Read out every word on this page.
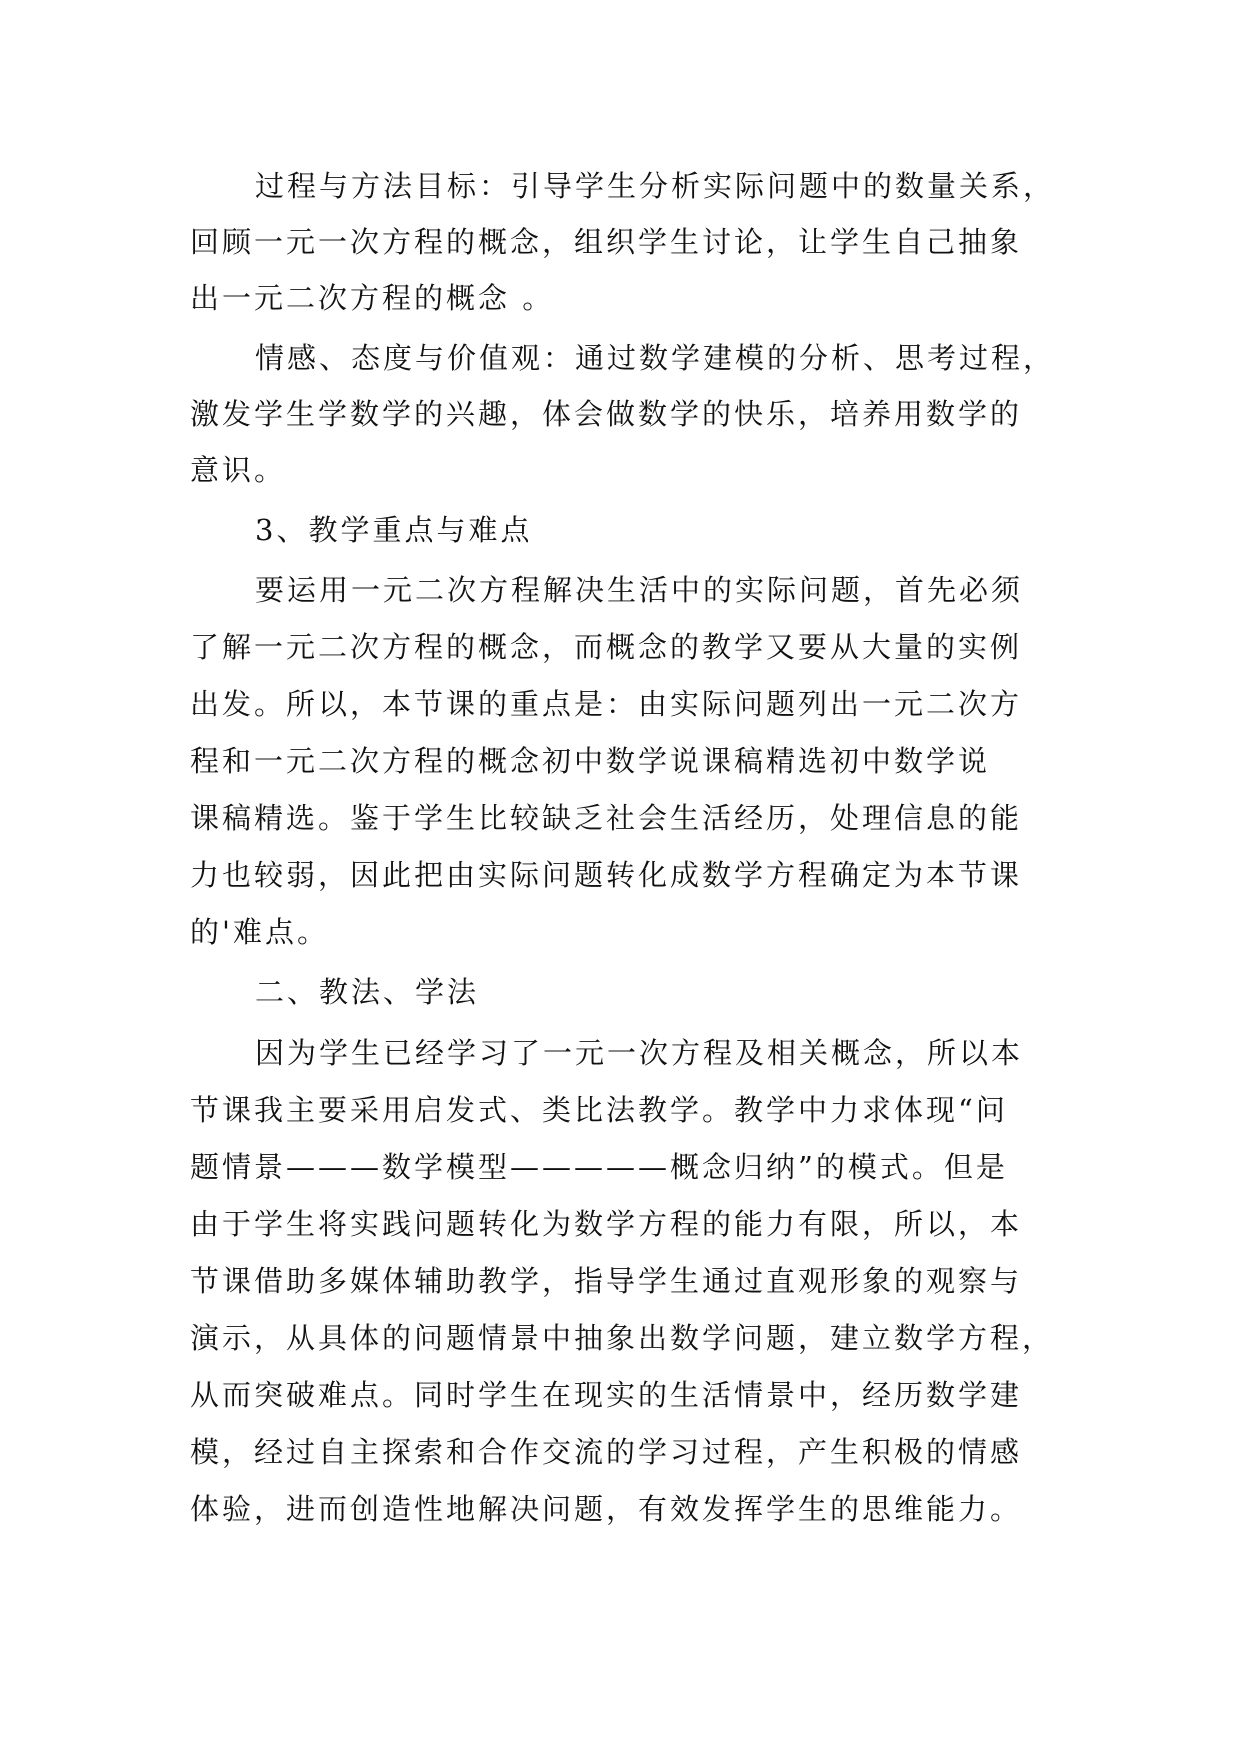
过程与方法目标：引导学生分析实际问题中的数量关系，
回顾一元一次方程的概念，组织学生讨论，让学生自己抽象
出一元二次方程的概念 。
情感、态度与价值观：通过数学建模的分析、思考过程，
激发学生学数学的兴趣，体会做数学的快乐，培养用数学的
意识。
3、教学重点与难点
要运用一元二次方程解决生活中的实际问题，首先必须
了解一元二次方程的概念，而概念的教学又要从大量的实例
出发。所以，本节课的重点是：由实际问题列出一元二次方
程和一元二次方程的概念初中数学说课稿精选初中数学说
课稿精选。鉴于学生比较缺乏社会生活经历，处理信息的能
力也较弱，因此把由实际问题转化成数学方程确定为本节课
的'难点。
二、教法、学法
因为学生已经学习了一元一次方程及相关概念，所以本
节课我主要采用启发式、类比法教学。教学中力求体现“问
题情景———数学模型—————概念归纳”的模式。但是
由于学生将实践问题转化为数学方程的能力有限，所以，本
节课借助多媒体辅助教学，指导学生通过直观形象的观察与
演示，从具体的问题情景中抽象出数学问题，建立数学方程，
从而突破难点。同时学生在现实的生活情景中，经历数学建
模，经过自主探索和合作交流的学习过程，产生积极的情感
体验，进而创造性地解决问题，有效发挥学生的思维能力。
